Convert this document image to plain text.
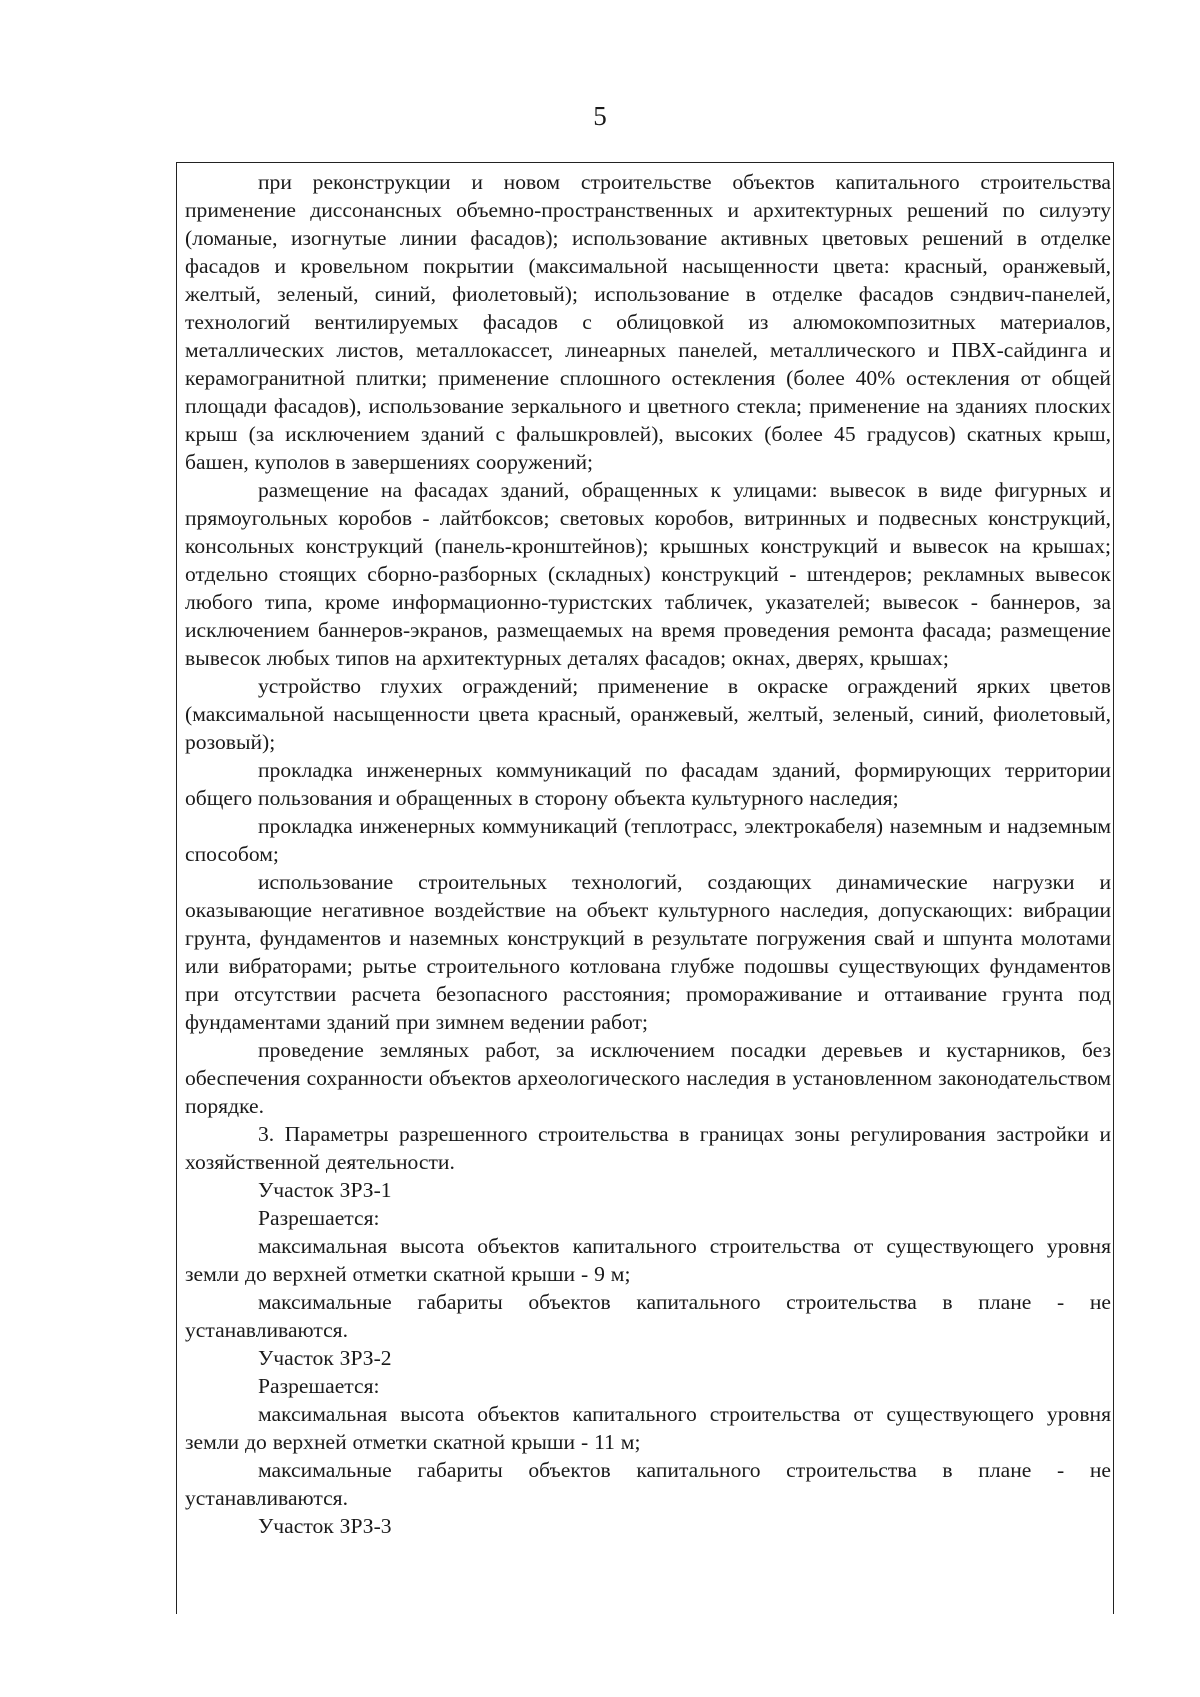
5

при реконструкции и новом строительстве объектов капитального строительства применение диссонансных объемно-пространственных и архитектурных решений по силуэту (ломаные, изогнутые линии фасадов); использование активных цветовых решений в отделке фасадов и кровельном покрытии (максимальной насыщенности цвета: красный, оранжевый, желтый, зеленый, синий, фиолетовый); использование в отделке фасадов сэндвич-панелей, технологий вентилируемых фасадов с облицовкой из алюмокомпозитных материалов, металлических листов, металлокассет, линеарных панелей, металлического и ПВХ-сайдинга и керамогранитной плитки; применение сплошного остекления (более 40% остекления от общей площади фасадов), использование зеркального и цветного стекла; применение на зданиях плоских крыш (за исключением зданий с фальшкровлей), высоких (более 45 градусов) скатных крыш, башен, куполов в завершениях сооружений;

размещение на фасадах зданий, обращенных к улицами: вывесок в виде фигурных и прямоугольных коробов - лайтбоксов; световых коробов, витринных и подвесных конструкций, консольных конструкций (панель-кронштейнов); крышных конструкций и вывесок на крышах; отдельно стоящих сборно-разборных (складных) конструкций - штендеров; рекламных вывесок любого типа, кроме информационно-туристских табличек, указателей; вывесок - баннеров, за исключением баннеров-экранов, размещаемых на время проведения ремонта фасада; размещение вывесок любых типов на архитектурных деталях фасадов; окнах, дверях, крышах;

устройство глухих ограждений; применение в окраске ограждений ярких цветов (максимальной насыщенности цвета красный, оранжевый, желтый, зеленый, синий, фиолетовый, розовый);

прокладка инженерных коммуникаций по фасадам зданий, формирующих территории общего пользования и обращенных в сторону объекта культурного наследия;

прокладка инженерных коммуникаций (теплотрасс, электрокабеля) наземным и надземным способом;

использование строительных технологий, создающих динамические нагрузки и оказывающие негативное воздействие на объект культурного наследия, допускающих: вибрации грунта, фундаментов и наземных конструкций в результате погружения свай и шпунта молотами или вибраторами; рытье строительного котлована глубже подошвы существующих фундаментов при отсутствии расчета безопасного расстояния; промораживание и оттаивание грунта под фундаментами зданий при зимнем ведении работ;

проведение земляных работ, за исключением посадки деревьев и кустарников, без обеспечения сохранности объектов археологического наследия в установленном законодательством порядке.

3. Параметры разрешенного строительства в границах зоны регулирования застройки и хозяйственной деятельности.

Участок ЗРЗ-1

Разрешается:

максимальная высота объектов капитального строительства от существующего уровня земли до верхней отметки скатной крыши - 9 м;

максимальные габариты объектов капитального строительства в плане - не устанавливаются.

Участок ЗРЗ-2

Разрешается:

максимальная высота объектов капитального строительства от существующего уровня земли до верхней отметки скатной крыши - 11 м;

максимальные габариты объектов капитального строительства в плане - не устанавливаются.

Участок ЗРЗ-3
